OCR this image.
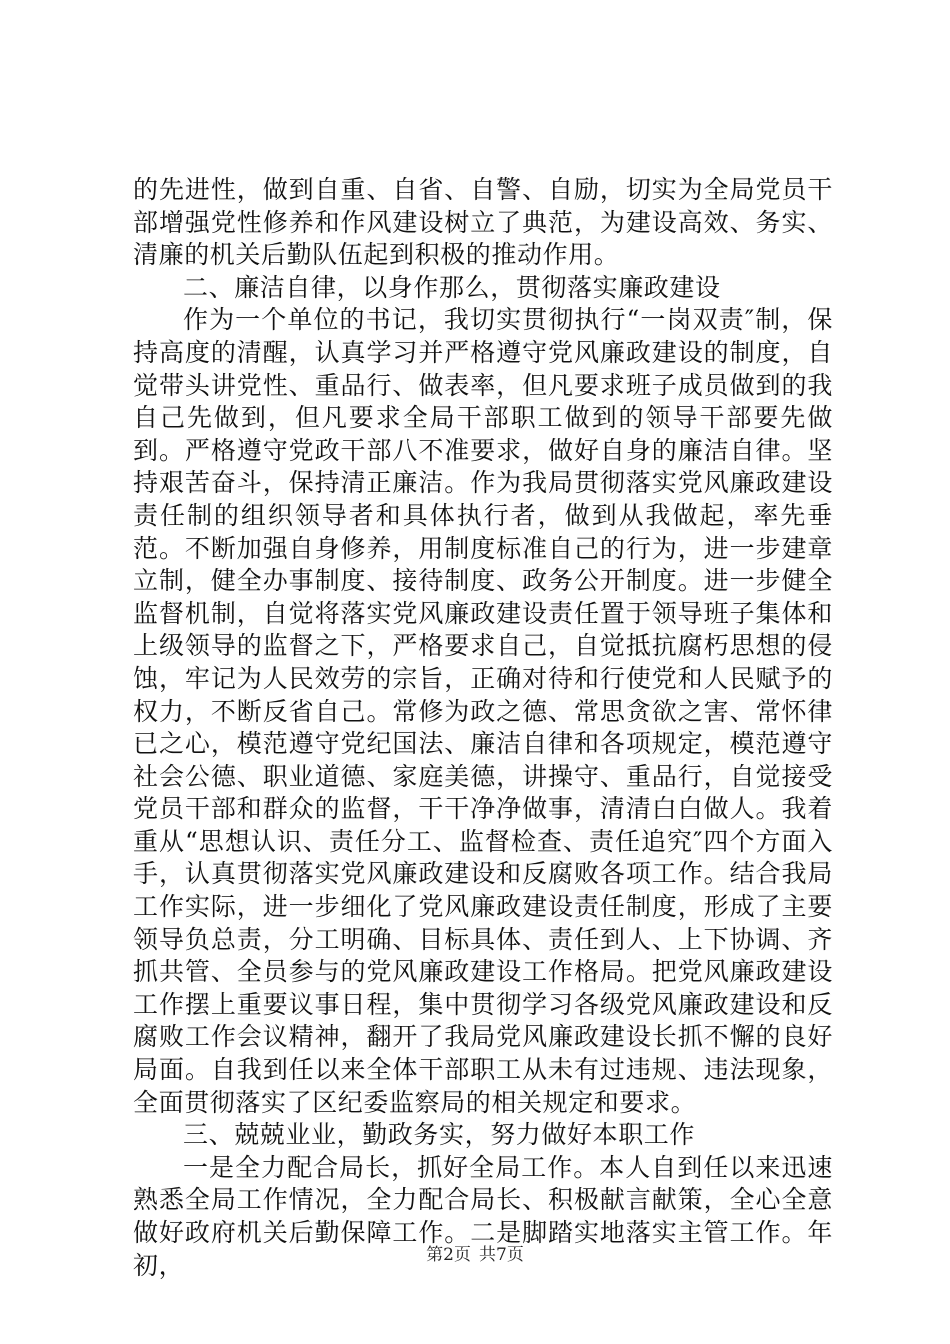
的先进性，做到自重、自省、自警、自励，切实为全局党员干部增强党性修养和作风建设树立了典范，为建设高效、务实、清廉的机关后勤队伍起到积极的推动作用。

二、廉洁自律，以身作那么，贯彻落实廉政建设

作为一个单位的书记，我切实贯彻执行“一岗双责″制，保持高度的清醒，认真学习并严格遵守党风廉政建设的制度，自觉带头讲党性、重品行、做表率，但凡要求班子成员做到的我自己先做到，但凡要求全局干部职工做到的领导干部要先做到。严格遵守党政干部八不准要求，做好自身的廉洁自律。坚持艰苦奋斗，保持清正廉洁。作为我局贯彻落实党风廉政建设责任制的组织领导者和具体执行者，做到从我做起，率先垂范。不断加强自身修养，用制度标准自己的行为，进一步建章立制，健全办事制度、接待制度、政务公开制度。进一步健全监督机制，自觉将落实党风廉政建设责任置于领导班子集体和上级领导的监督之下，严格要求自己，自觉抵抗腐朽思想的侵蚀，牢记为人民效劳的宗旨，正确对待和行使党和人民赋予的权力，不断反省自己。常修为政之德、常思贪欲之害、常怀律已之心，模范遵守党纪国法、廉洁自律和各项规定，模范遵守社会公德、职业道德、家庭美德，讲操守、重品行，自觉接受党员干部和群众的监督，干干净净做事，清清白白做人。我着重从“思想认识、责任分工、监督检查、责任追究″四个方面入手，认真贯彻落实党风廉政建设和反腐败各项工作。结合我局工作实际，进一步细化了党风廉政建设责任制度，形成了主要领导负总责，分工明确、目标具体、责任到人、上下协调、齐抓共管、全员参与的党风廉政建设工作格局。把党风廉政建设工作摆上重要议事日程，集中贯彻学习各级党风廉政建设和反腐败工作会议精神，翻开了我局党风廉政建设长抓不懈的良好局面。自我到任以来全体干部职工从未有过违规、违法现象，全面贯彻落实了区纪委监察局的相关规定和要求。

三、兢兢业业，勤政务实，努力做好本职工作

一是全力配合局长，抓好全局工作。本人自到任以来迅速熟悉全局工作情况，全力配合局长、积极献言献策，全心全意做好政府机关后勤保障工作。二是脚踏实地落实主管工作。年初，	第2页 共7页
